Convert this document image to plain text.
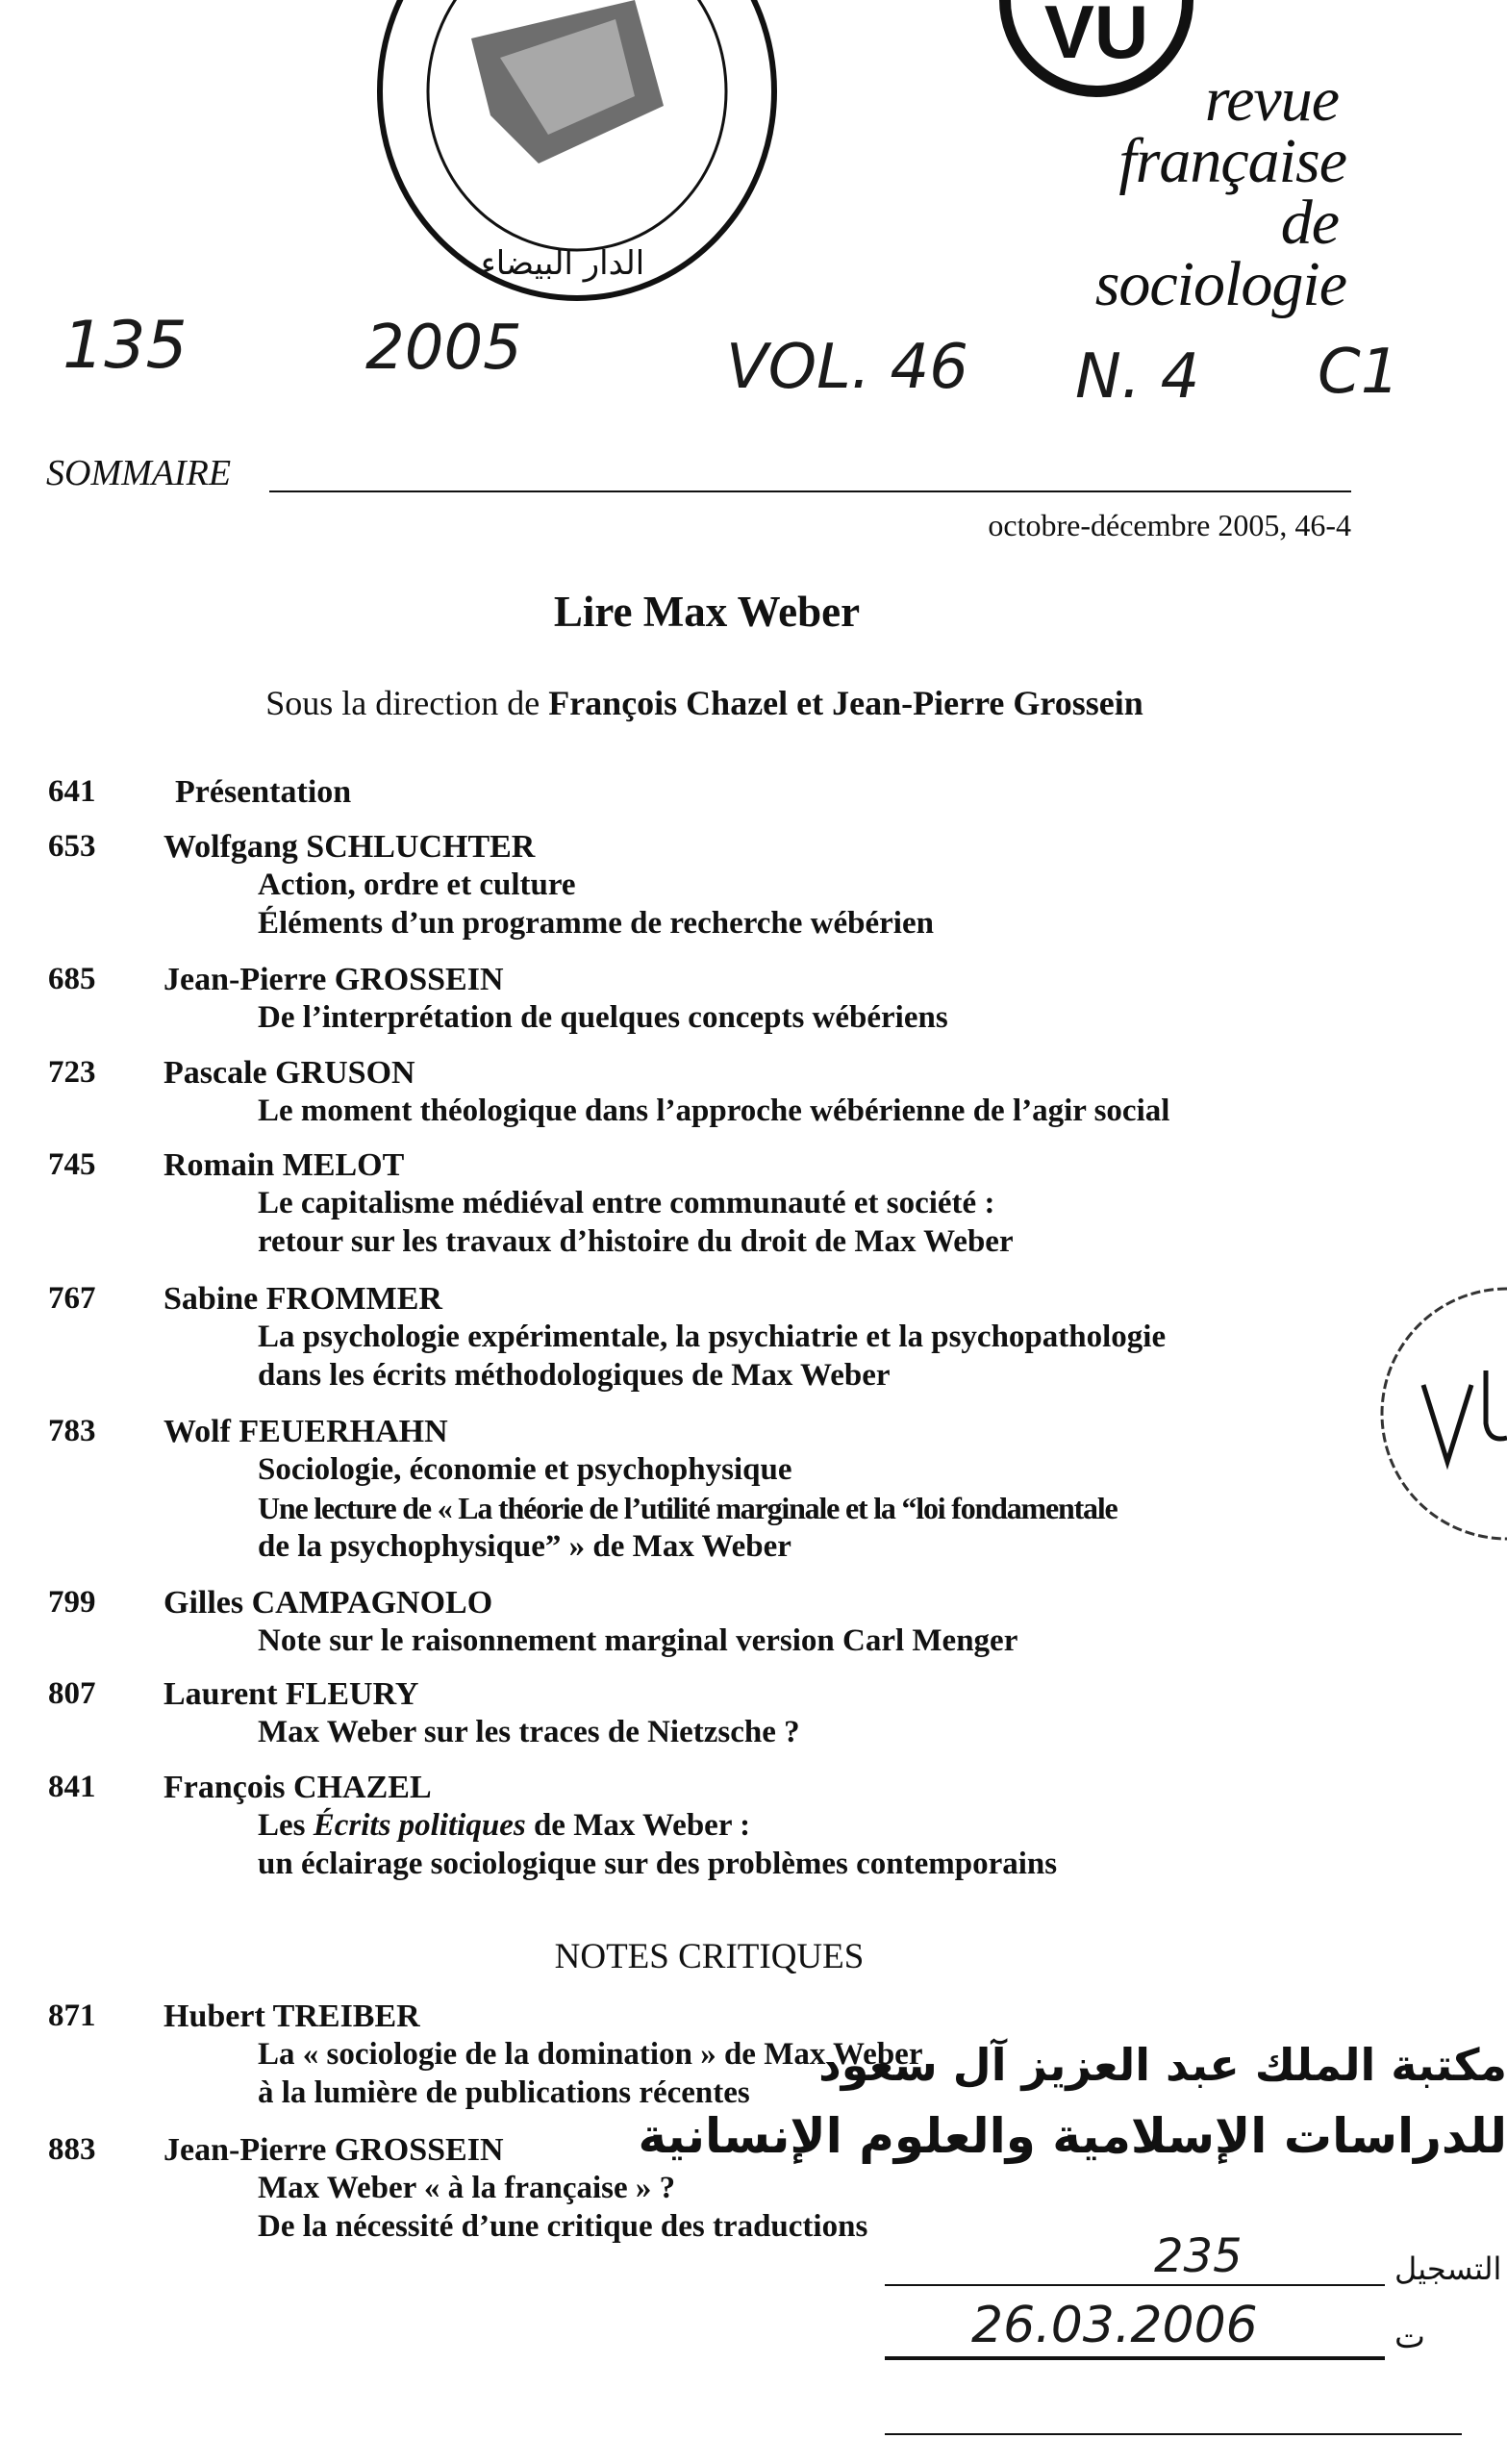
الدار البيضاء
VU
revue
française
de
sociologie
135	2005	VOL. 46 N. 4 C1
SOMMAIRE
octobre-décembre 2005, 46-4
Lire Max Weber
Sous la direction de François Chazel et Jean-Pierre Grossein
641 Présentation
653 Wolfgang SCHLUCHTER
Action, ordre et culture
Éléments d’un programme de recherche wébérien
685 Jean-Pierre GROSSEIN
De l’interprétation de quelques concepts wébériens
723 Pascale GRUSON
Le moment théologique dans l’approche wébérienne de l’agir social
745 Romain MELOT
Le capitalisme médiéval entre communauté et société :
retour sur les travaux d’histoire du droit de Max Weber
767 Sabine FROMMER
La psychologie expérimentale, la psychiatrie et la psychopathologie
dans les écrits méthodologiques de Max Weber
783 Wolf FEUERHAHN
Sociologie, économie et psychophysique
Une lecture de « La théorie de l’utilité marginale et la “loi fondamentale
de la psychophysique” » de Max Weber
799 Gilles CAMPAGNOLO
Note sur le raisonnement marginal version Carl Menger
807 Laurent FLEURY
Max Weber sur les traces de Nietzsche ?
841 François CHAZEL
Les Écrits politiques de Max Weber :
un éclairage sociologique sur des problèmes contemporains
NOTES CRITIQUES
871 Hubert TREIBER
La « sociologie de la domination » de Max Weber
à la lumière de publications récentes
883 Jean-Pierre GROSSEIN
Max Weber « à la française » ?
De la nécessité d’une critique des traductions
مكتبة الملك عبد العزيز آل سعود
للدراسات الإسلامية والعلوم الإنسانية
235	التسجيل
26.03.2006	ت
